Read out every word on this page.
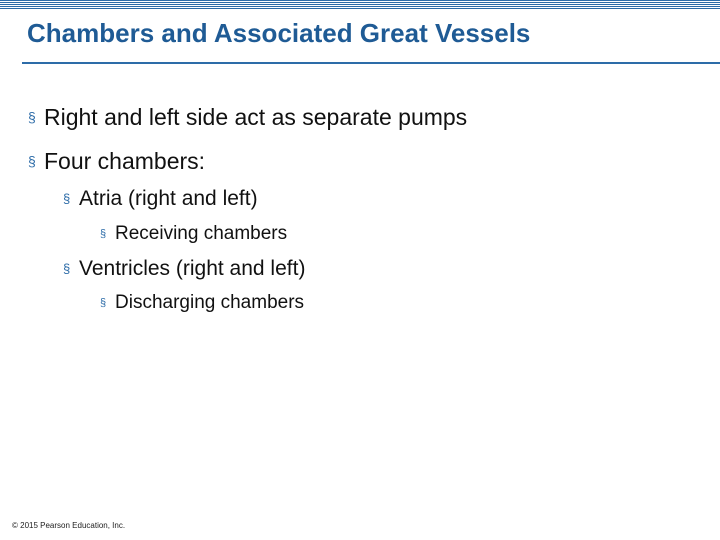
Chambers and Associated Great Vessels
§ Right and left side act as separate pumps
§ Four chambers:
§ Atria (right and left)
§ Receiving chambers
§ Ventricles (right and left)
§ Discharging chambers
© 2015 Pearson Education, Inc.
